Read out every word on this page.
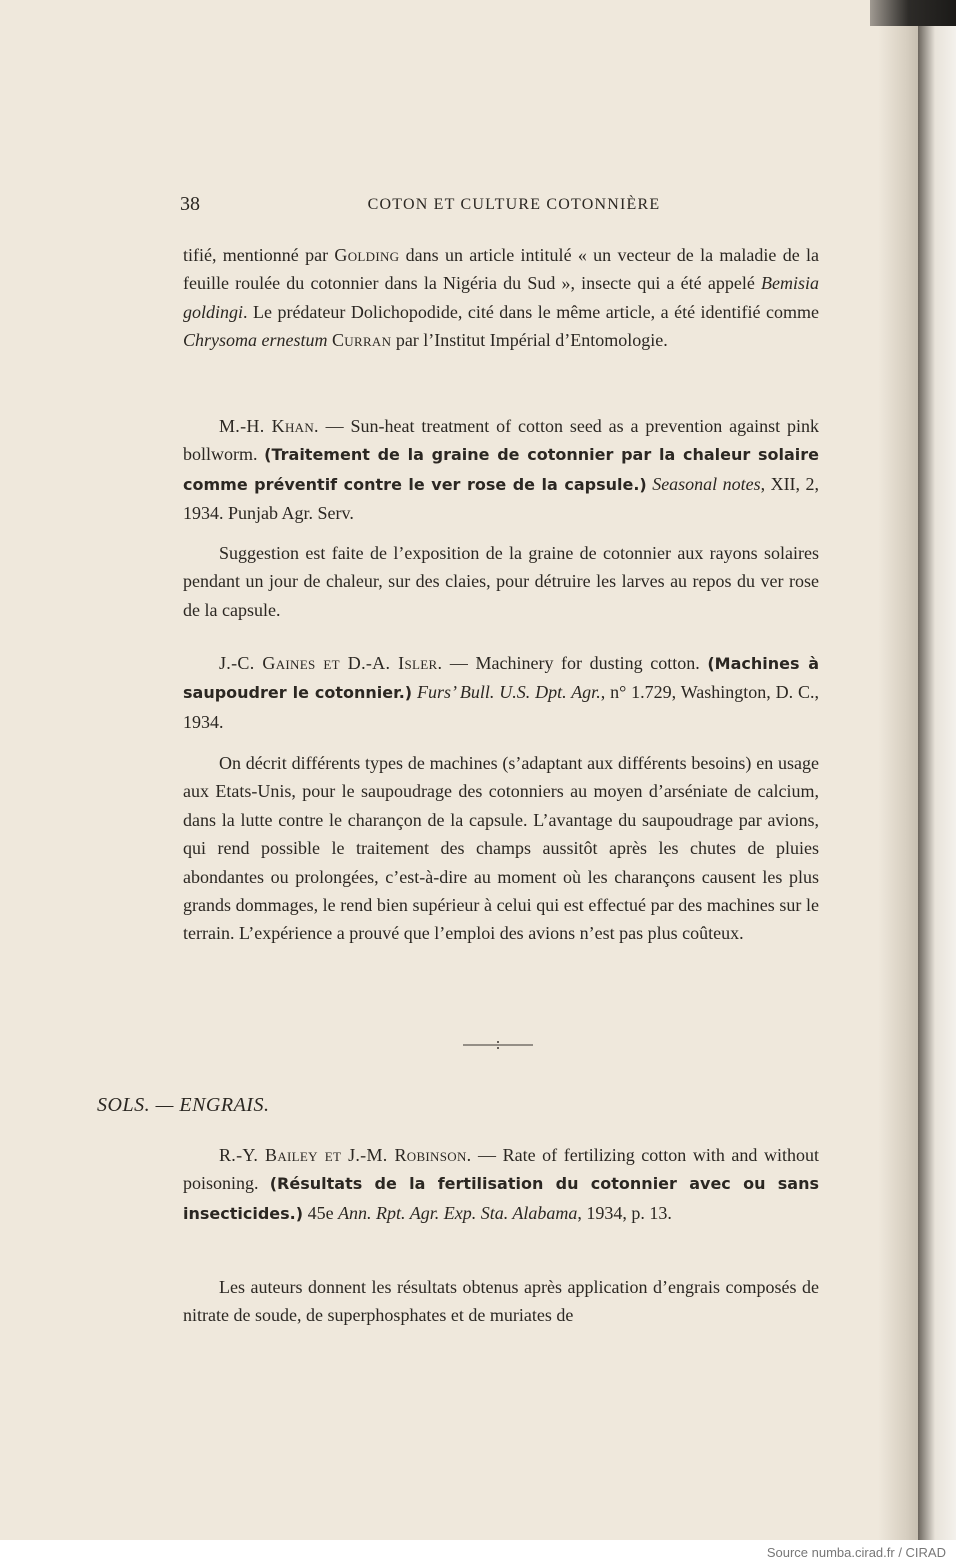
38	COTON ET CULTURE COTONNIÈRE

tifié, mentionné par Golding dans un article intitulé « un vecteur de la maladie de la feuille roulée du cotonnier dans la Nigéria du Sud », insecte qui a été appelé Bemisia goldingi. Le prédateur Dolichopodide, cité dans le même article, a été identifié comme Chrysoma ernestum Curran par l’Institut Impérial d’Entomologie.

M.-H. Khan. — Sun-heat treatment of cotton seed as a prevention against pink bollworm. (Traitement de la graine de cotonnier par la chaleur solaire comme préventif contre le ver rose de la capsule.) Seasonal notes, XII, 2, 1934. Punjab Agr. Serv.

Suggestion est faite de l’exposition de la graine de cotonnier aux rayons solaires pendant un jour de chaleur, sur des claies, pour détruire les larves au repos du ver rose de la capsule.

J.-C. Gaines et D.-A. Isler. — Machinery for dusting cotton. (Machines à saupoudrer le cotonnier.) Furs’ Bull. U.S. Dpt. Agr., n° 1.729, Washington, D. C., 1934.

On décrit différents types de machines (s’adaptant aux différents besoins) en usage aux Etats-Unis, pour le saupoudrage des cotonniers au moyen d’arséniate de calcium, dans la lutte contre le charançon de la capsule. L’avantage du saupoudrage par avions, qui rend possible le traitement des champs aussitôt après les chutes de pluies abondantes ou prolongées, c’est-à-dire au moment où les charançons causent les plus grands dommages, le rend bien supérieur à celui qui est effectué par des machines sur le terrain. L’expérience a prouvé que l’emploi des avions n’est pas plus coûteux.

SOLS. — ENGRAIS.

R.-Y. Bailey et J.-M. Robinson. — Rate of fertilizing cotton with and without poisoning. (Résultats de la fertilisation du cotonnier avec ou sans insecticides.) 45e Ann. Rpt. Agr. Exp. Sta. Alabama, 1934, p. 13.

Les auteurs donnent les résultats obtenus après application d’engrais composés de nitrate de soude, de superphosphates et de muriates de

Source numba.cirad.fr / CIRAD
